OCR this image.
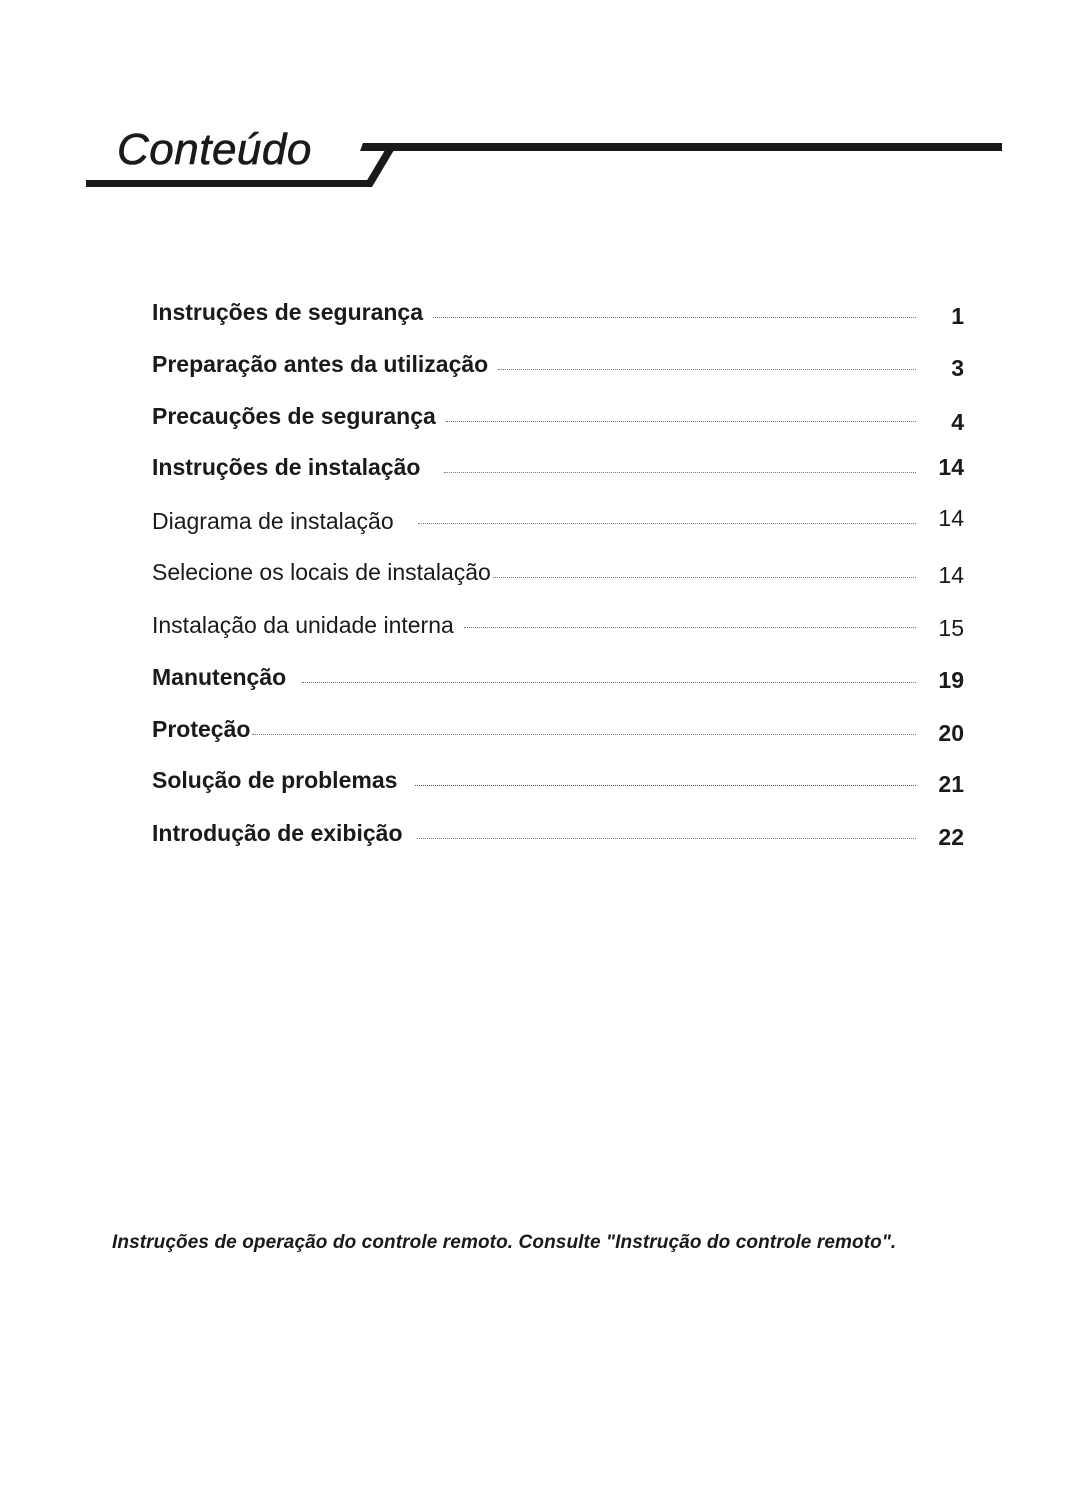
Conteúdo
Instruções de segurança	1
Preparação antes da utilização	3
Precauções de segurança	4
Instruções de instalação	14
Diagrama de instalação	14
Selecione os locais de instalação	14
Instalação da unidade interna	15
Manutenção	19
Proteção	20
Solução de problemas	21
Introdução de exibição	22
Instruções de operação do controle remoto. Consulte "Instrução do controle remoto".
